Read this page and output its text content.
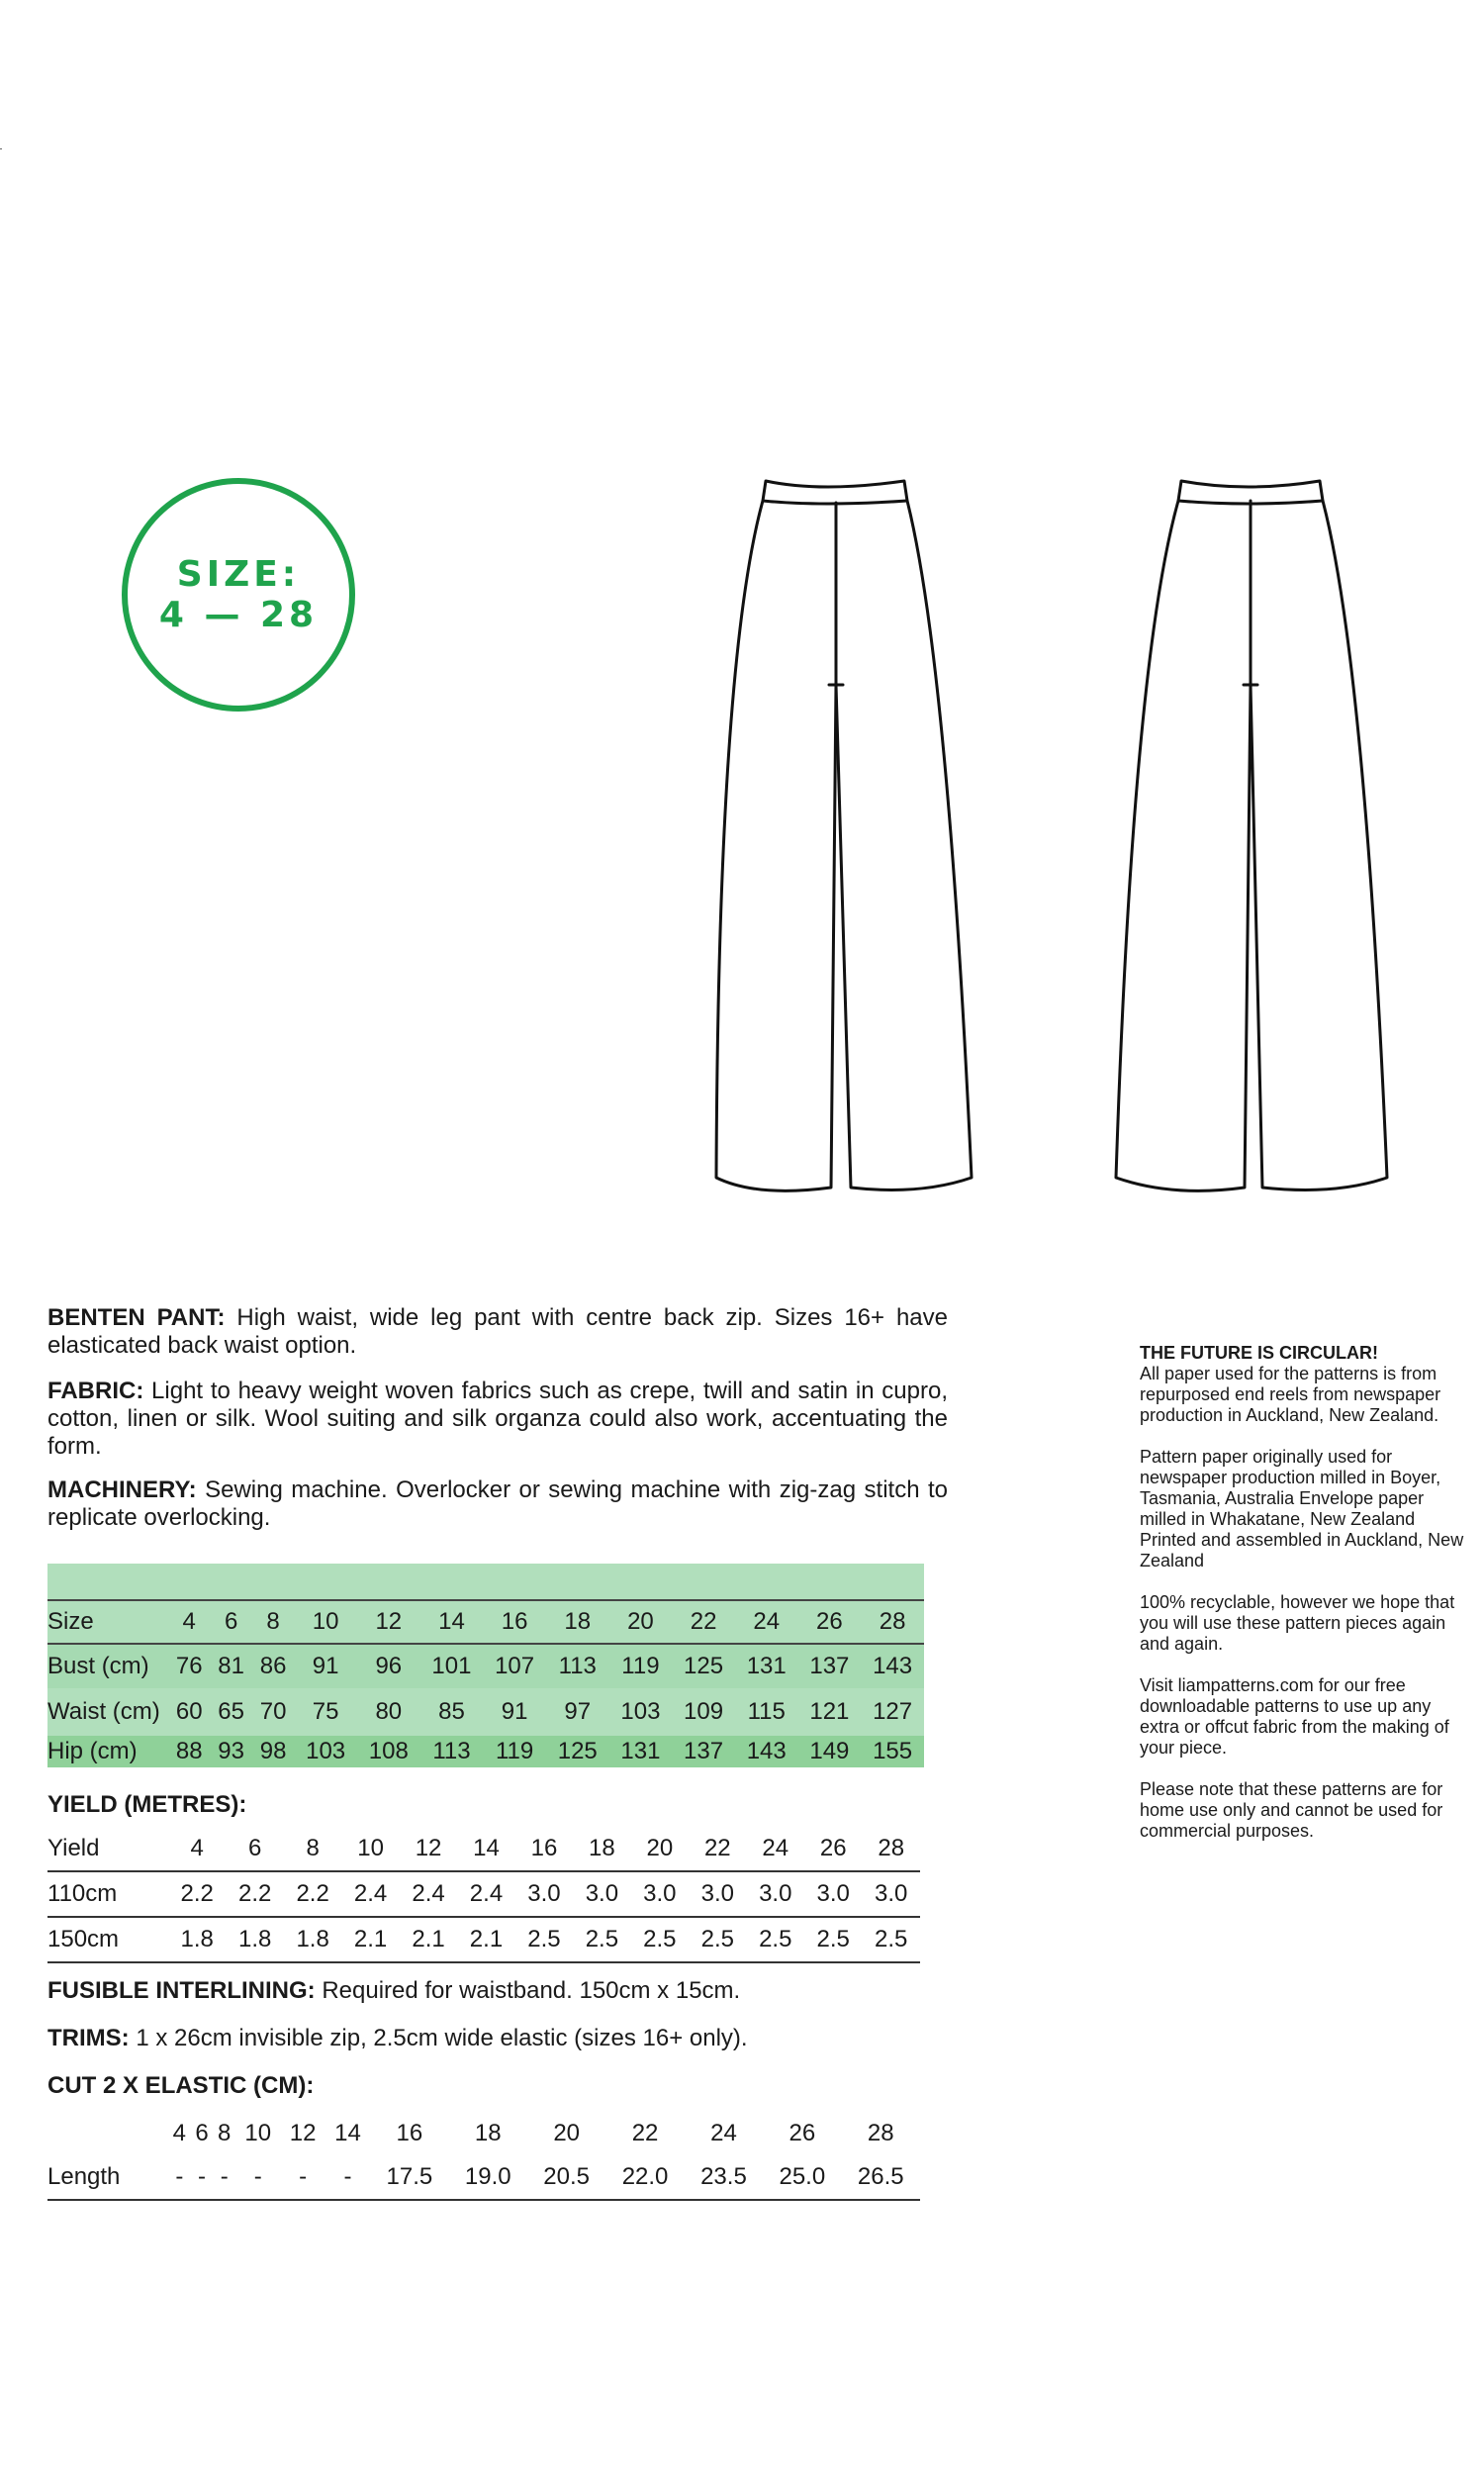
SIZE:
4 — 28
BENTEN PANT: High waist, wide leg pant with centre back zip. Sizes 16+ have elasticated back waist option.
FABRIC: Light to heavy weight woven fabrics such as crepe, twill and satin in cupro, cotton, linen or silk. Wool suiting and silk organza could also work, accentuating the form.
MACHINERY: Sewing machine. Overlocker or sewing machine with zig-zag stitch to replicate overlocking.

Size	4	6	8	10	12	14	16	18	20	22	24	26	28
Bust (cm)	76	81	86	91	96	101	107	113	119	125	131	137	143
Waist (cm)	60	65	70	75	80	85	91	97	103	109	115	121	127
Hip (cm)	88	93	98	103	108	113	119	125	131	137	143	149	155
YIELD (METRES):
Yield	4	6	8	10	12	14	16	18	20	22	24	26	28
110cm	2.2	2.2	2.2	2.4	2.4	2.4	3.0	3.0	3.0	3.0	3.0	3.0	3.0
150cm	1.8	1.8	1.8	2.1	2.1	2.1	2.5	2.5	2.5	2.5	2.5	2.5	2.5
FUSIBLE INTERLINING: Required for waistband. 150cm x 15cm.
TRIMS: 1 x 26cm invisible zip, 2.5cm wide elastic (sizes 16+ only).
CUT 2 X ELASTIC (CM):
	4	6	8	10	12	14	16	18	20	22	24	26	28
Length	-	-	-	-	-	-	17.5	19.0	20.5	22.0	23.5	25.0	26.5
THE FUTURE IS CIRCULAR!

All paper used for the patterns is from repurposed end reels from newspaper production in Auckland, New Zealand.

Pattern paper originally used for newspaper production milled in Boyer, Tasmania, Australia Envelope paper milled in Whakatane, New Zealand Printed and assembled in Auckland, New Zealand

100% recyclable, however we hope that you will use these pattern pieces again and again.

Visit liampatterns.com for our free downloadable patterns to use up any extra or offcut fabric from the making of your piece.

Please note that these patterns are for home use only and cannot be used for commercial purposes.
